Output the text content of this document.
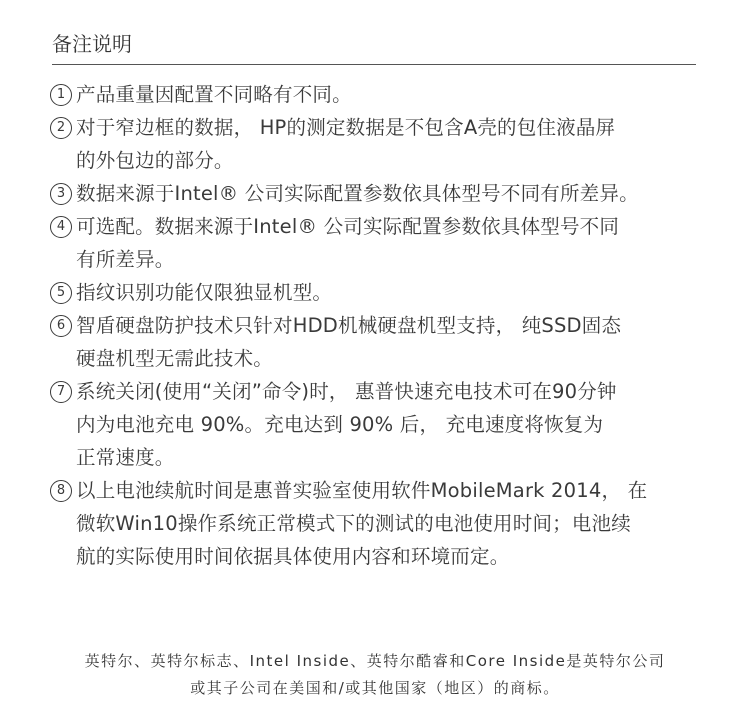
备注说明
1 产品重量因配置不同略有不同。
2 对于窄边框的数据， HP的测定数据是不包含A壳的包住液晶屏
的外包边的部分。
3 数据来源于Intel® 公司实际配置参数依具体型号不同有所差异。
4 可选配。数据来源于Intel® 公司实际配置参数依具体型号不同
有所差异。
5 指纹识别功能仅限独显机型。
6 智盾硬盘防护技术只针对HDD机械硬盘机型支持， 纯SSD固态
硬盘机型无需此技术。
7 系统关闭(使用“关闭”命令)时， 惠普快速充电技术可在90分钟
内为电池充电 90%。充电达到 90% 后， 充电速度将恢复为
正常速度。
8 以上电池续航时间是惠普实验室使用软件MobileMark 2014， 在
微软Win10操作系统正常模式下的测试的电池使用时间；电池续
航的实际使用时间依据具体使用内容和环境而定。
英特尔、英特尔标志、Intel Inside、英特尔酷睿和Core Inside是英特尔公司
或其子公司在美国和/或其他国家（地区）的商标。
